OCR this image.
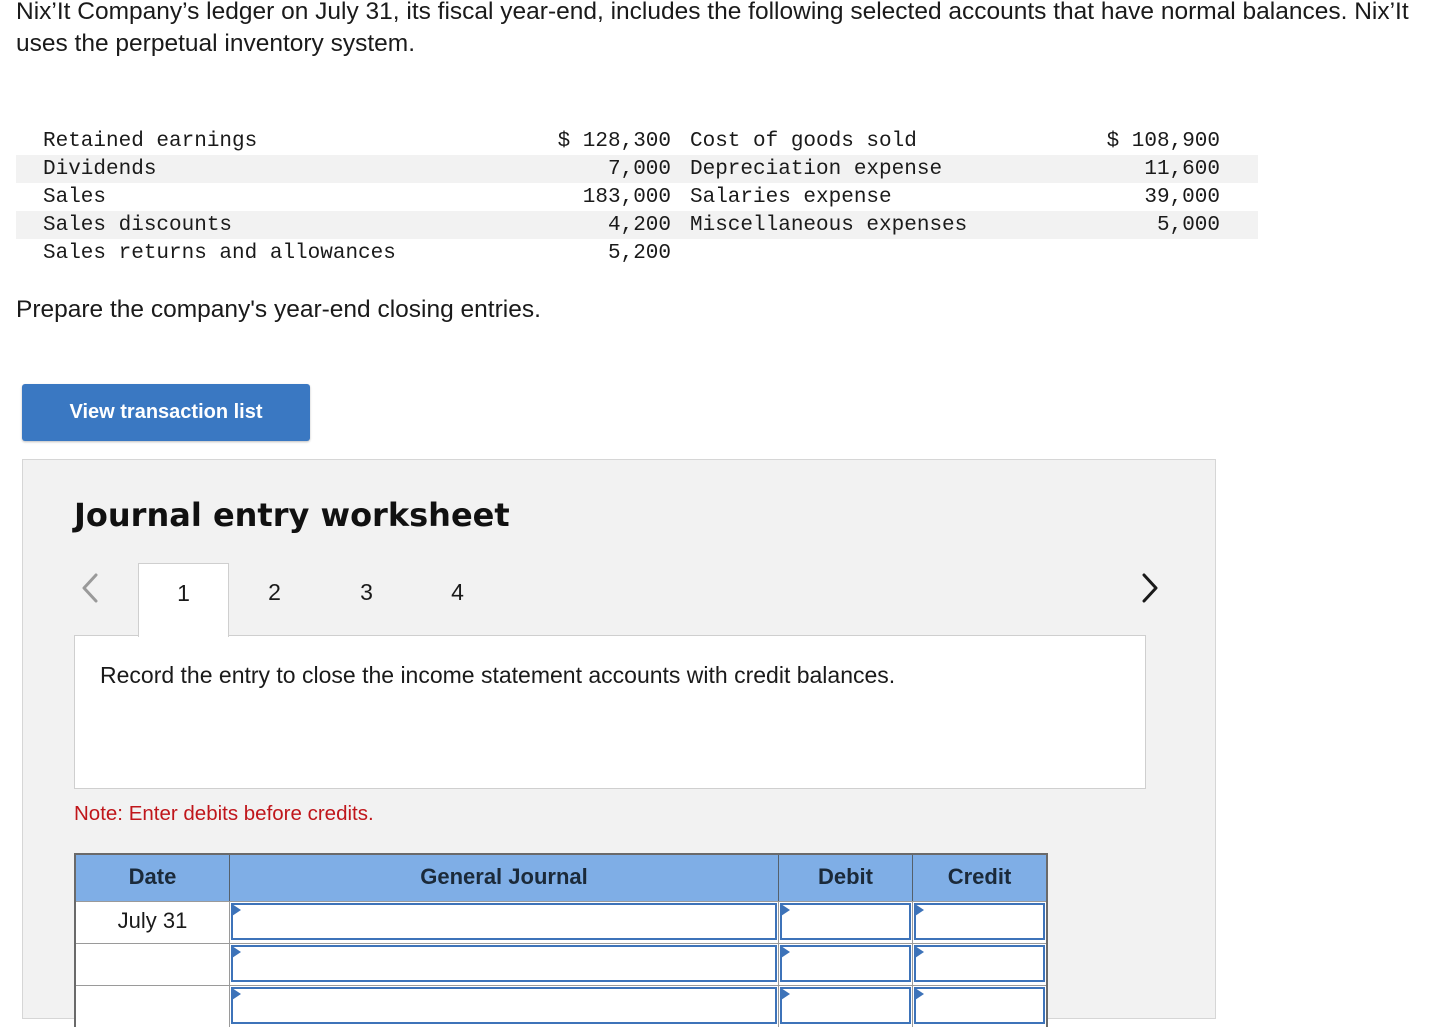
Nix’It Company’s ledger on July 31, its fiscal year-end, includes the following selected accounts that have normal balances. Nix’It uses the perpetual inventory system.

Retained earnings	$ 128,300 Cost of goods sold	$ 108,900
Dividends	7,000 Depreciation expense	11,600
Sales	183,000 Salaries expense	39,000
Sales discounts	4,200 Miscellaneous expenses	5,000
Sales returns and allowances	5,200

Prepare the company's year-end closing entries.

View transaction list
Journal entry worksheet
1	2	3	4

Record the entry to close the income statement accounts with credit balances.

Note: Enter debits before credits.

Date	General Journal	Debit	Credit
July 31
